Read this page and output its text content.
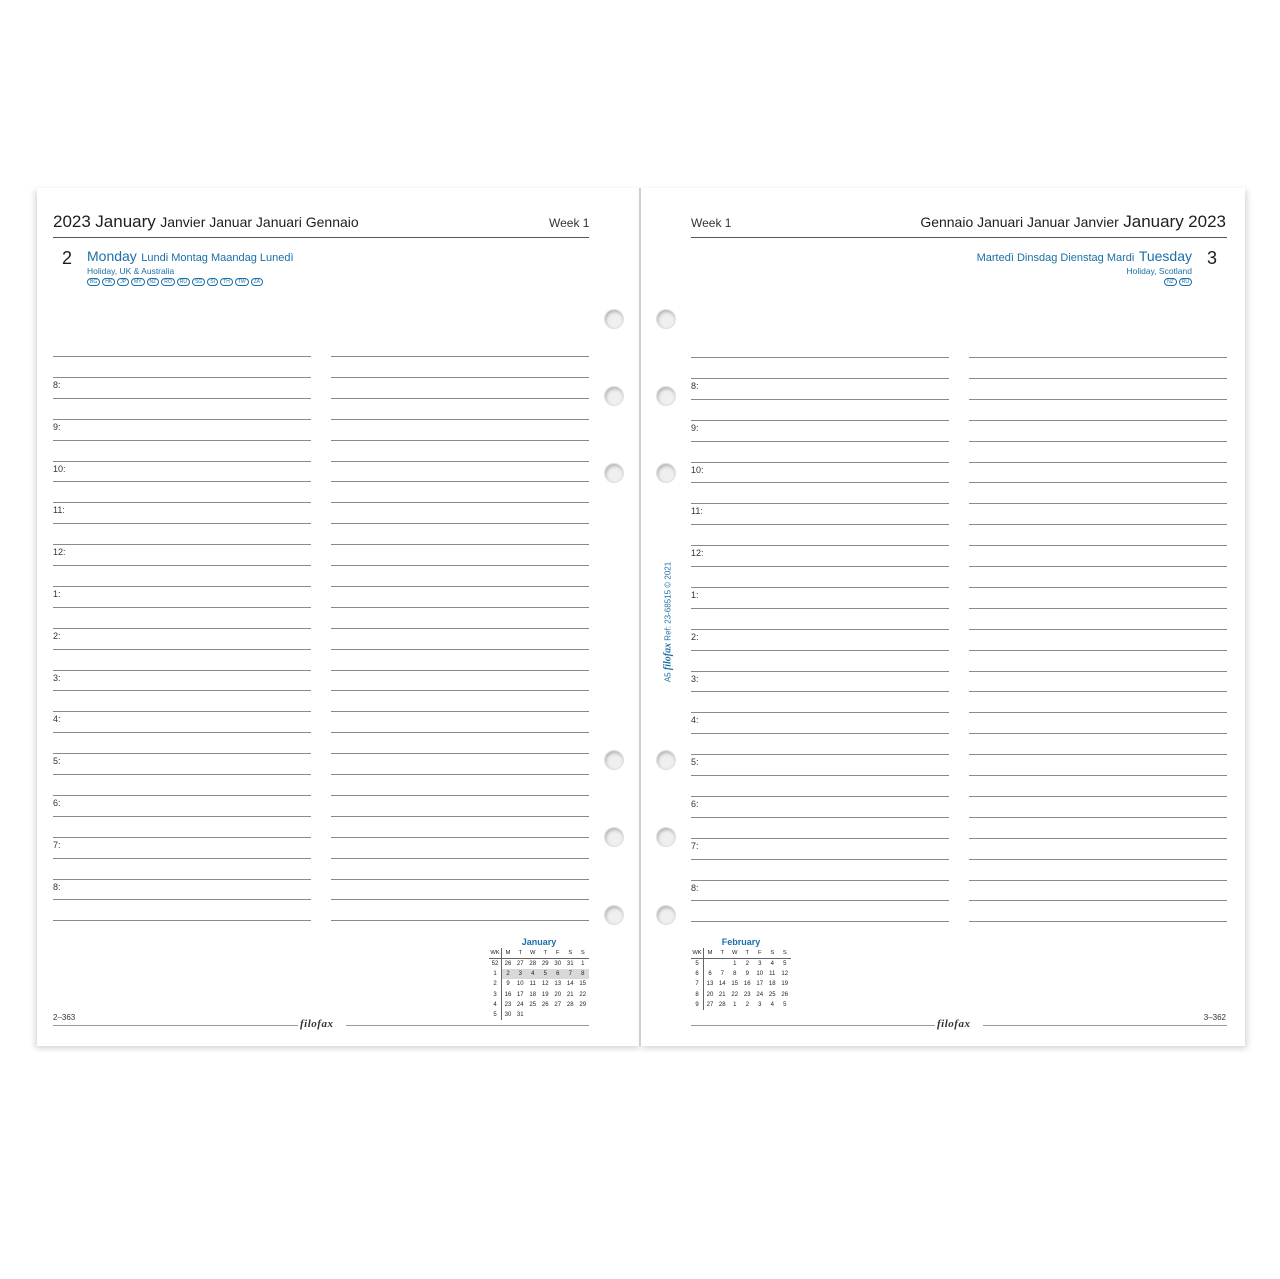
2023 January Janvier Januar Januari Gennaio	Week 1
2 Monday Lundi Montag Maandag Lunedì
Holiday, UK & Australia
BG	HK	JP	MY	NZ	RO	RU	SG	SI	TH	TW	ZA
Week 1	Gennaio Januari Januar Janvier January 2023
Martedì Dinsdag Dienstag Mardi Tuesday 3
Holiday, Scotland
NZ	RU
8:
9:
10:
11:
12:
1:
2:
3:
4:
5:
6:
7:
8:
8:
9:
10:
11:
12:
1:
2:
3:
4:
5:
6:
7:
8:
A5 filofax Ref: 23-68515 © 2021
January
WK	M	T	W	T	F	S	S
52	26	27	28	29	30	31	1
1	2	3	4	5	6	7	8
2	9	10	11	12	13	14	15
3	16	17	18	19	20	21	22
4	23	24	25	26	27	28	29
5	30	31					
February
WK	M	T	W	T	F	S	S
5			1	2	3	4	5
6	6	7	8	9	10	11	12
7	13	14	15	16	17	18	19
8	20	21	22	23	24	25	26
9	27	28	1	2	3	4	5
2–363
filofax	filofax
3–362
